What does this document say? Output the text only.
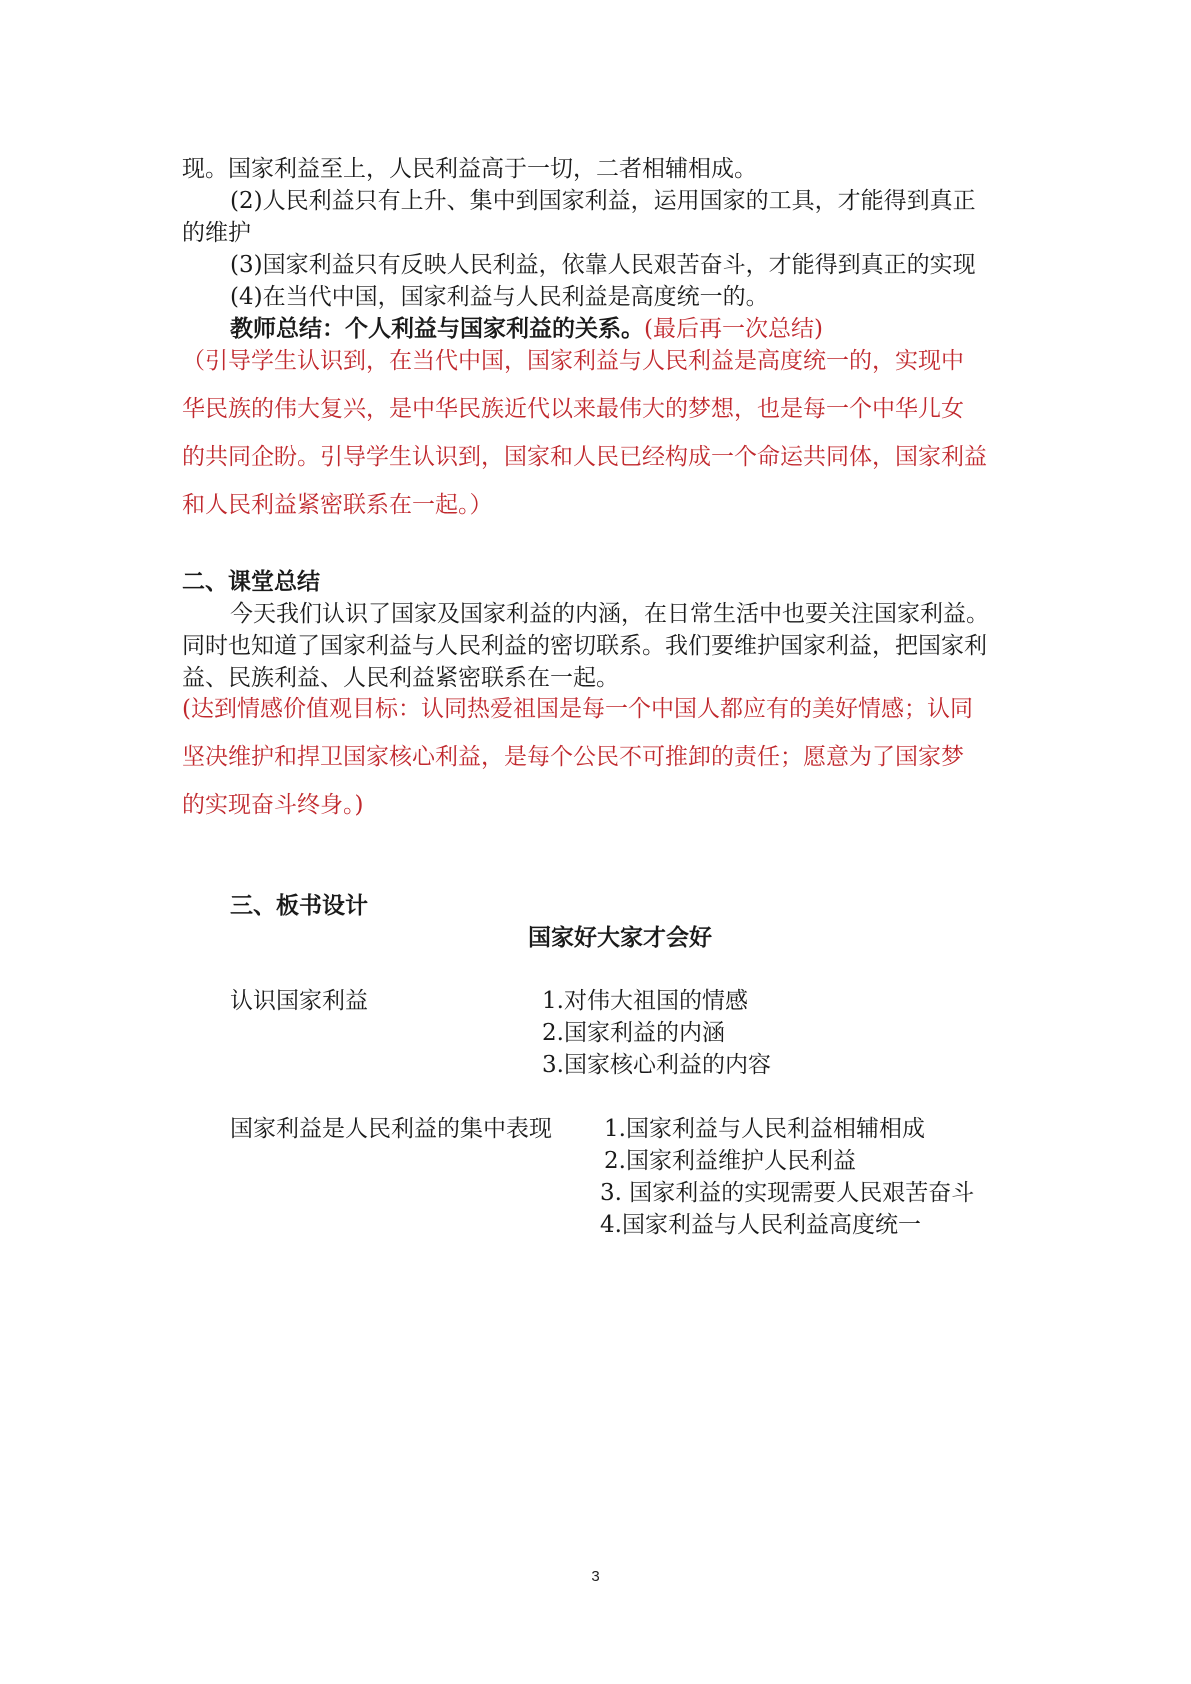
现。国家利益至上，人民利益高于一切，二者相辅相成。
(2)人民利益只有上升、集中到国家利益，运用国家的工具，才能得到真正
的维护
(3)国家利益只有反映人民利益，依靠人民艰苦奋斗，才能得到真正的实现
(4)在当代中国，国家利益与人民利益是高度统一的。
教师总结：个人利益与国家利益的关系。(最后再一次总结)
（引导学生认识到，在当代中国，国家利益与人民利益是高度统一的，实现中
华民族的伟大复兴，是中华民族近代以来最伟大的梦想，也是每一个中华儿女
的共同企盼。引导学生认识到，国家和人民已经构成一个命运共同体，国家利益
和人民利益紧密联系在一起。）
二、课堂总结
今天我们认识了国家及国家利益的内涵，在日常生活中也要关注国家利益。
同时也知道了国家利益与人民利益的密切联系。我们要维护国家利益，把国家利
益、民族利益、人民利益紧密联系在一起。
(达到情感价值观目标：认同热爱祖国是每一个中国人都应有的美好情感；认同
坚决维护和捍卫国家核心利益，是每个公民不可推卸的责任；愿意为了国家梦
的实现奋斗终身。)
三、板书设计
国家好大家才会好
认识国家利益	1.对伟大祖国的情感
2.国家利益的内涵
3.国家核心利益的内容
国家利益是人民利益的集中表现 1.国家利益与人民利益相辅相成
2.国家利益维护人民利益
3. 国家利益的实现需要人民艰苦奋斗
4.国家利益与人民利益高度统一
3
